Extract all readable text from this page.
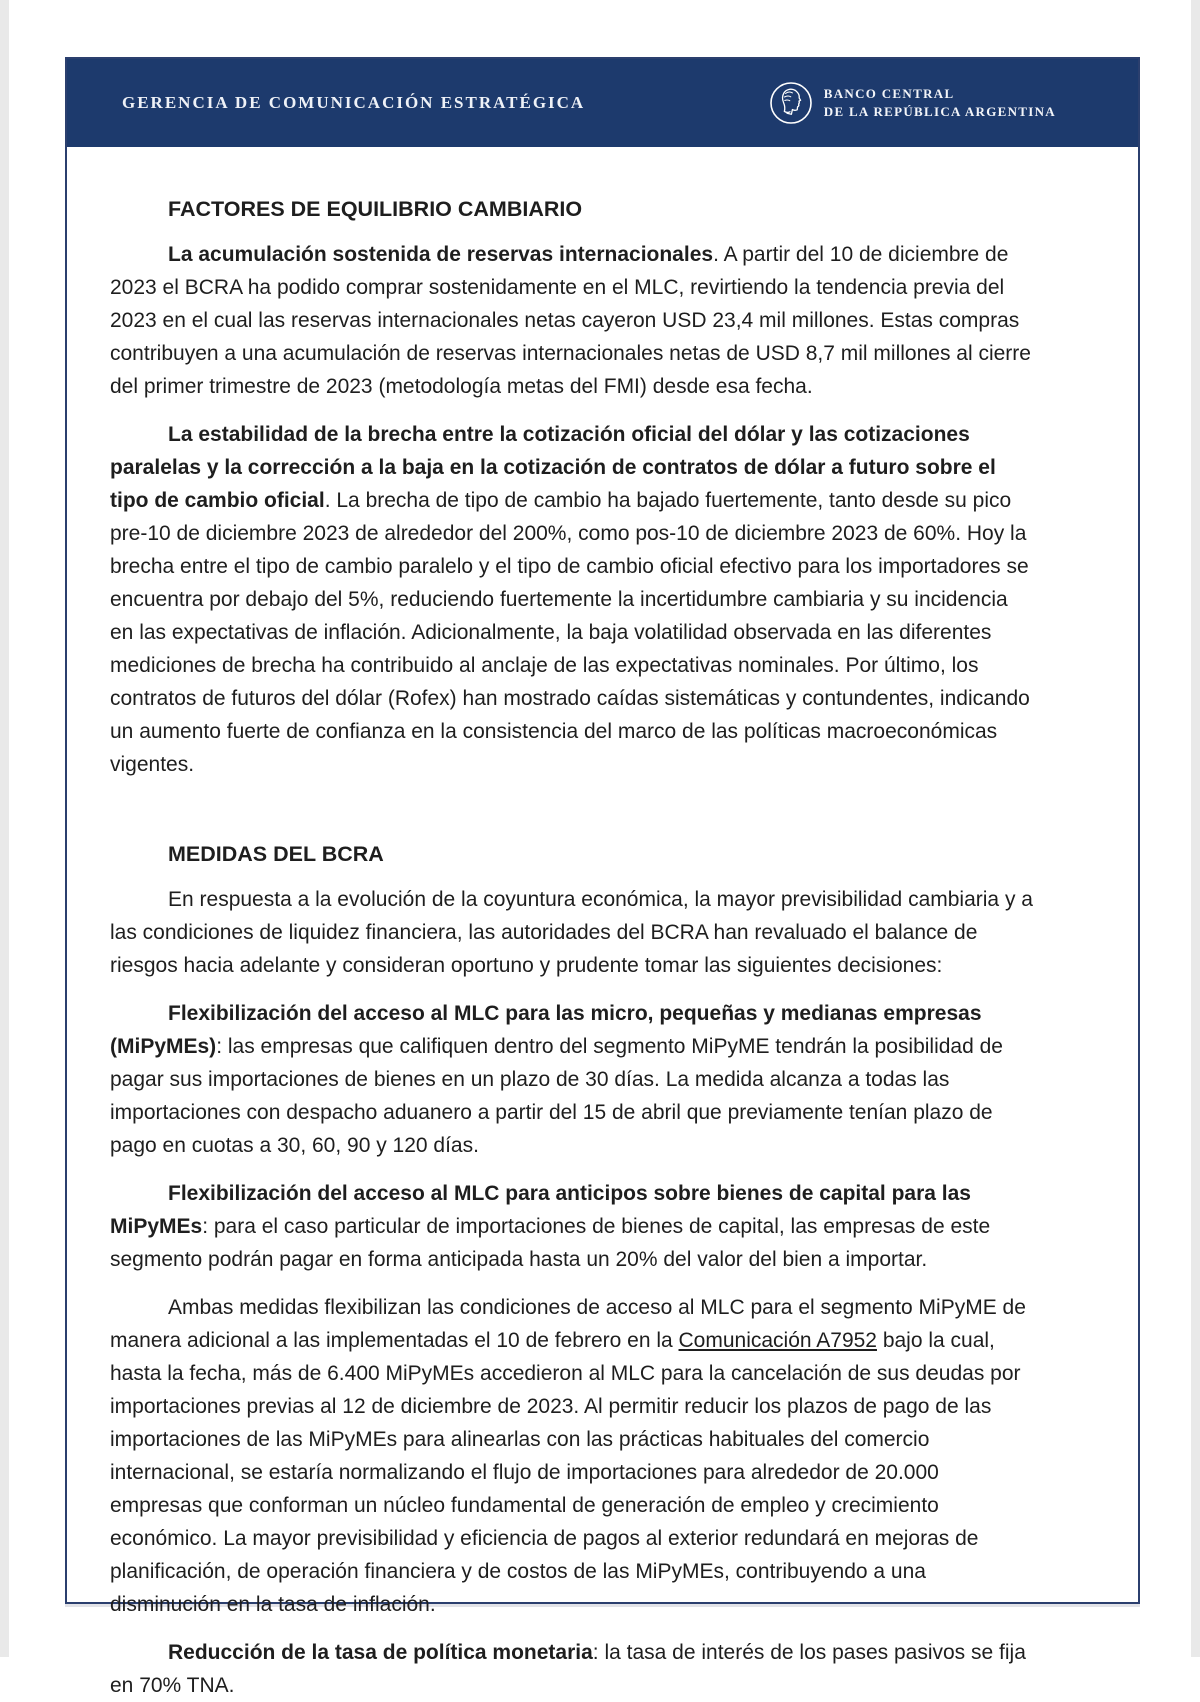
GERENCIA DE COMUNICACIÓN ESTRATÉGICA	BANCO CENTRAL
DE LA REPÚBLICA ARGENTINA
FACTORES DE EQUILIBRIO CAMBIARIO

La acumulación sostenida de reservas internacionales. A partir del 10 de diciembre de 2023 el BCRA ha podido comprar sostenidamente en el MLC, revirtiendo la tendencia previa del 2023 en el cual las reservas internacionales netas cayeron USD 23,4 mil millones. Estas compras contribuyen a una acumulación de reservas internacionales netas de USD 8,7 mil millones al cierre del primer trimestre de 2023 (metodología metas del FMI) desde esa fecha.

La estabilidad de la brecha entre la cotización oficial del dólar y las cotizaciones paralelas y la corrección a la baja en la cotización de contratos de dólar a futuro sobre el tipo de cambio oficial. La brecha de tipo de cambio ha bajado fuertemente, tanto desde su pico pre-10 de diciembre 2023 de alrededor del 200%, como pos-10 de diciembre 2023 de 60%. Hoy la brecha entre el tipo de cambio paralelo y el tipo de cambio oficial efectivo para los importadores se encuentra por debajo del 5%, reduciendo fuertemente la incertidumbre cambiaria y su incidencia en las expectativas de inflación. Adicionalmente, la baja volatilidad observada en las diferentes mediciones de brecha ha contribuido al anclaje de las expectativas nominales. Por último, los contratos de futuros del dólar (Rofex) han mostrado caídas sistemáticas y contundentes, indicando un aumento fuerte de confianza en la consistencia del marco de las políticas macroeconómicas vigentes.

MEDIDAS DEL BCRA

En respuesta a la evolución de la coyuntura económica, la mayor previsibilidad cambiaria y a las condiciones de liquidez financiera, las autoridades del BCRA han revaluado el balance de riesgos hacia adelante y consideran oportuno y prudente tomar las siguientes decisiones:

Flexibilización del acceso al MLC para las micro, pequeñas y medianas empresas (MiPyMEs): las empresas que califiquen dentro del segmento MiPyME tendrán la posibilidad de pagar sus importaciones de bienes en un plazo de 30 días. La medida alcanza a todas las importaciones con despacho aduanero a partir del 15 de abril que previamente tenían plazo de pago en cuotas a 30, 60, 90 y 120 días.

Flexibilización del acceso al MLC para anticipos sobre bienes de capital para las MiPyMEs: para el caso particular de importaciones de bienes de capital, las empresas de este segmento podrán pagar en forma anticipada hasta un 20% del valor del bien a importar.

Ambas medidas flexibilizan las condiciones de acceso al MLC para el segmento MiPyME de manera adicional a las implementadas el 10 de febrero en la Comunicación A7952 bajo la cual, hasta la fecha, más de 6.400 MiPyMEs accedieron al MLC para la cancelación de sus deudas por importaciones previas al 12 de diciembre de 2023. Al permitir reducir los plazos de pago de las importaciones de las MiPyMEs para alinearlas con las prácticas habituales del comercio internacional, se estaría normalizando el flujo de importaciones para alrededor de 20.000 empresas que conforman un núcleo fundamental de generación de empleo y crecimiento económico. La mayor previsibilidad y eficiencia de pagos al exterior redundará en mejoras de planificación, de operación financiera y de costos de las MiPyMEs, contribuyendo a una disminución en la tasa de inflación.

Reducción de la tasa de política monetaria: la tasa de interés de los pases pasivos se fija en 70% TNA.
